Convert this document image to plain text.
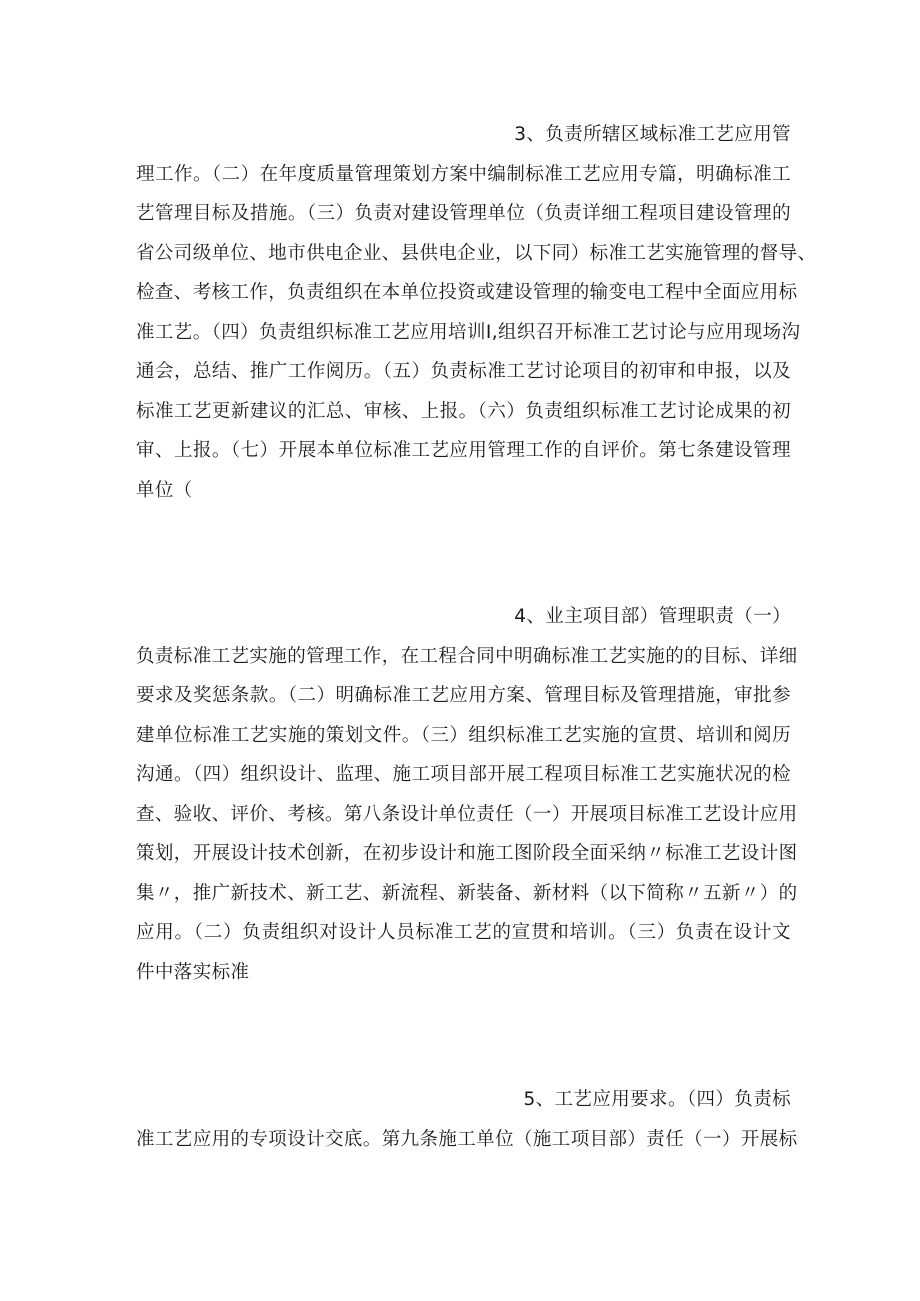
3、负责所辖区域标准工艺应用管
理工作。（二）在年度质量管理策划方案中编制标准工艺应用专篇，明确标准工
艺管理目标及措施。（三）负责对建设管理单位（负责详细工程项目建设管理的
省公司级单位、地市供电企业、县供电企业，以下同）标准工艺实施管理的督导、
检查、考核工作，负责组织在本单位投资或建设管理的输变电工程中全面应用标
准工艺。（四）负责组织标准工艺应用培训Ⅰ,组织召开标准工艺讨论与应用现场沟
通会，总结、推广工作阅历。（五）负责标准工艺讨论项目的初审和申报，以及
标准工艺更新建议的汇总、审核、上报。（六）负责组织标准工艺讨论成果的初
审、上报。（七）开展本单位标准工艺应用管理工作的自评价。第七条建设管理
单位（
4、业主项目部）管理职责（一）
负责标准工艺实施的管理工作，在工程合同中明确标准工艺实施的的目标、详细
要求及奖惩条款。（二）明确标准工艺应用方案、管理目标及管理措施，审批参
建单位标准工艺实施的策划文件。（三）组织标准工艺实施的宣贯、培训和阅历
沟通。（四）组织设计、监理、施工项目部开展工程项目标准工艺实施状况的检
查、验收、评价、考核。第八条设计单位责任（一）开展项目标准工艺设计应用
策划，开展设计技术创新，在初步设计和施工图阶段全面采纳〃标准工艺设计图
集〃，推广新技术、新工艺、新流程、新装备、新材料（以下简称〃五新〃）的
应用。（二）负责组织对设计人员标准工艺的宣贯和培训。（三）负责在设计文
件中落实标准
5、工艺应用要求。（四）负责标
准工艺应用的专项设计交底。第九条施工单位（施工项目部）责任（一）开展标
